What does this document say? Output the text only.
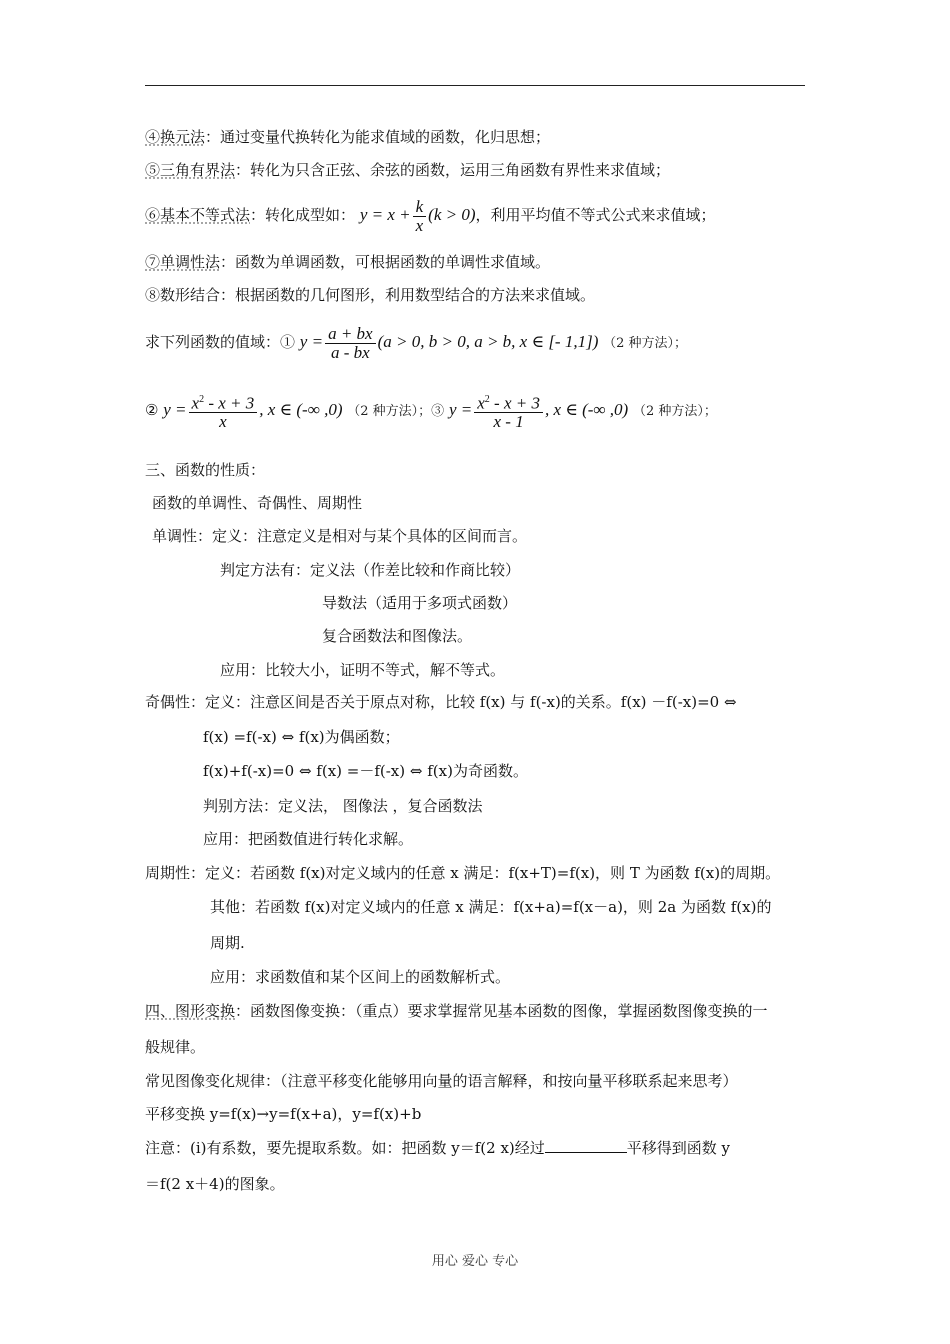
④换元法：通过变量代换转化为能求值域的函数，化归思想；
⑤三角有界法：转化为只含正弦、余弦的函数，运用三角函数有界性来求值域；
⑥基本不等式法：转化成型如： $y = x + \frac{k}{x} (k > 0)$，利用平均值不等式公式来求值域；
⑦单调性法：函数为单调函数，可根据函数的单调性求值域。
⑧数形结合：根据函数的几何图形，利用数型结合的方法来求值域。
求下列函数的值域：① $y = \frac{a + bx}{a - bx} (a > 0$, b > 0, a > b, x ∈ [- 1,1]) （2 种方法）；
② $y = \frac{x^2 - x + 3}{x}$ , x ∈ (-∞ ,0) （2 种方法）；③ $y = \frac{x^2 - x + 3}{x - 1}$ , x ∈ (-∞ ,0) （2 种方法）；
三、函数的性质：
函数的单调性、奇偶性、周期性
单调性：定义：注意定义是相对与某个具体的区间而言。
判定方法有：定义法（作差比较和作商比较）
导数法（适用于多项式函数）
复合函数法和图像法。
应用：比较大小，证明不等式，解不等式。
奇偶性：定义：注意区间是否关于原点对称，比较 f(x) 与 f(-x)的关系。f(x) －f(-x)=0 ⇔
f(x) =f(-x) ⇔ f(x)为偶函数；
f(x)+f(-x)=0 ⇔ f(x) =－f(-x) ⇔ f(x)为奇函数。
判别方法：定义法， 图像法 ，复合函数法
应用：把函数值进行转化求解。
周期性：定义：若函数 f(x)对定义域内的任意 x 满足：f(x+T)=f(x)，则 T 为函数 f(x)的周期。
其他：若函数 f(x)对定义域内的任意 x 满足：f(x+a)=f(x－a)，则 2a 为函数 f(x)的
周期.
应用：求函数值和某个区间上的函数解析式。
四、图形变换：函数图像变换：（重点）要求掌握常见基本函数的图像，掌握函数图像变换的一
般规律。
常见图像变化规律：（注意平移变化能够用向量的语言解释，和按向量平移联系起来思考）
平移变换 y=f(x)→y=f(x+a)，y=f(x)+b
注意：(ⅰ)有系数，要先提取系数。如：把函数 y＝f(2 x)经过	平移得到函数 y
＝f(2 x＋4)的图象。
用心 爱心 专心
